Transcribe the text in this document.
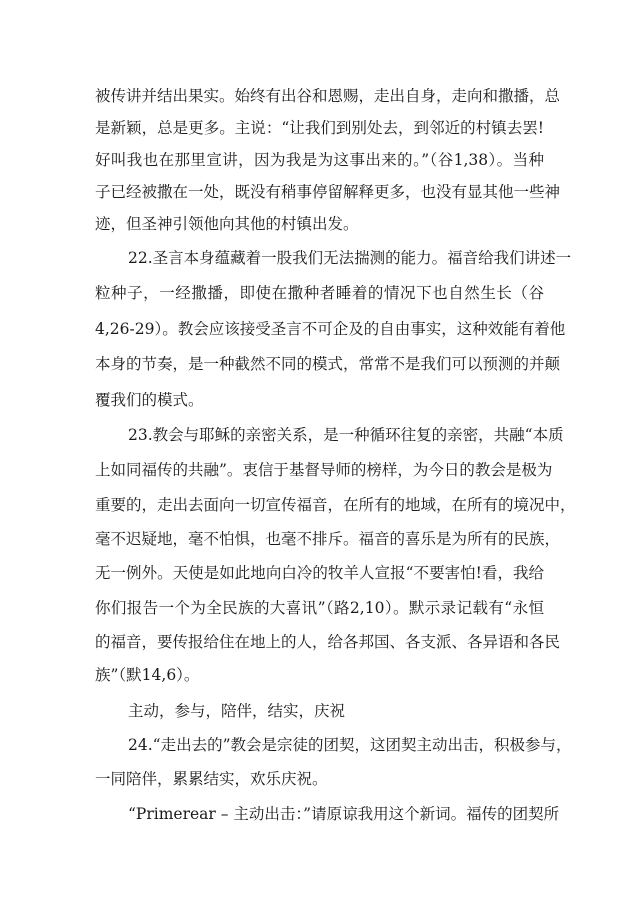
被传讲并结出果实。始终有出谷和恩赐，走出自身，走向和撒播，总
是新颖，总是更多。主说：“让我们到别处去，到邻近的村镇去罢!
好叫我也在那里宣讲，因为我是为这事出来的。”（谷1,38）。当种
子已经被撒在一处，既没有稍事停留解释更多，也没有显其他一些神
迹，但圣神引领他向其他的村镇出发。
22.圣言本身蕴藏着一股我们无法揣测的能力。福音给我们讲述一
粒种子，一经撒播，即使在撒种者睡着的情况下也自然生长（谷
4,26-29）。教会应该接受圣言不可企及的自由事实，这种效能有着他
本身的节奏，是一种截然不同的模式，常常不是我们可以预测的并颠
覆我们的模式。
23.教会与耶稣的亲密关系，是一种循环往复的亲密，共融“本质
上如同福传的共融”。衷信于基督导师的榜样，为今日的教会是极为
重要的，走出去面向一切宣传福音，在所有的地域，在所有的境况中，
毫不迟疑地，毫不怕惧，也毫不排斥。福音的喜乐是为所有的民族，
无一例外。天使是如此地向白冷的牧羊人宣报“不要害怕!看，我给
你们报告一个为全民族的大喜讯”（路2,10）。默示录记载有“永恒
的福音，要传报给住在地上的人，给各邦国、各支派、各异语和各民
族”（默14,6）。
主动，参与，陪伴，结实，庆祝
24.“走出去的”教会是宗徒的团契，这团契主动出击，积极参与，
一同陪伴，累累结实，欢乐庆祝。
“Primerear – 主动出击：”请原谅我用这个新词。福传的团契所
